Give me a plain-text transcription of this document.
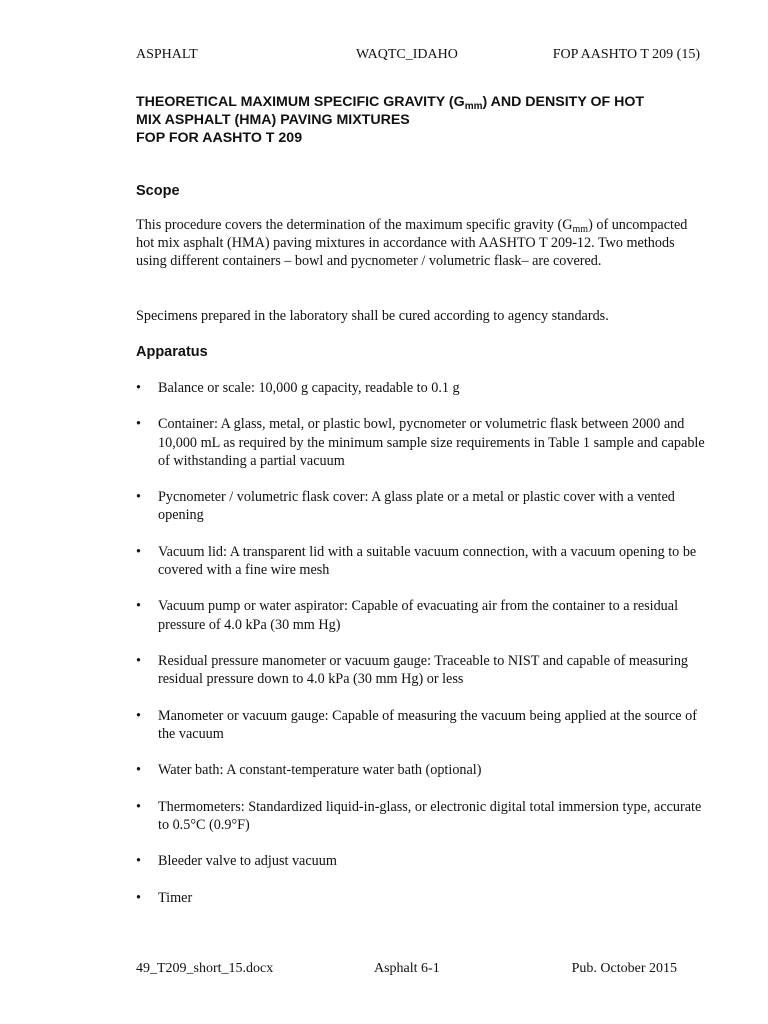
ASPHALT	WAQTC_IDAHO	FOP AASHTO T 209 (15)
THEORETICAL MAXIMUM SPECIFIC GRAVITY $(G_{mm})$ AND DENSITY OF HOT
MIX ASPHALT (HMA) PAVING MIXTURES
FOP FOR AASHTO T 209
Scope
This procedure covers the determination of the maximum specific gravity $(G_{mm})$ of uncompacted hot mix asphalt (HMA) paving mixtures in accordance with AASHTO T 209-12. Two methods using different containers – bowl and pycnometer / volumetric flask– are covered.
Specimens prepared in the laboratory shall be cured according to agency standards.
Apparatus
• Balance or scale: 10,000 g capacity, readable to 0.1 g
• Container: A glass, metal, or plastic bowl, pycnometer or volumetric flask between 2000 and 10,000 mL as required by the minimum sample size requirements in Table 1 sample and capable of withstanding a partial vacuum
• Pycnometer / volumetric flask cover: A glass plate or a metal or plastic cover with a vented opening
• Vacuum lid: A transparent lid with a suitable vacuum connection, with a vacuum opening to be covered with a fine wire mesh
• Vacuum pump or water aspirator: Capable of evacuating air from the container to a residual pressure of 4.0 kPa (30 mm Hg)
• Residual pressure manometer or vacuum gauge: Traceable to NIST and capable of measuring residual pressure down to 4.0 kPa (30 mm Hg) or less
• Manometer or vacuum gauge: Capable of measuring the vacuum being applied at the source of the vacuum
• Water bath: A constant-temperature water bath (optional)
• Thermometers: Standardized liquid-in-glass, or electronic digital total immersion type, accurate to 0.5°C (0.9°F)
• Bleeder valve to adjust vacuum
• Timer
49_T209_short_15.docx	Asphalt 6-1	Pub. October 2015
